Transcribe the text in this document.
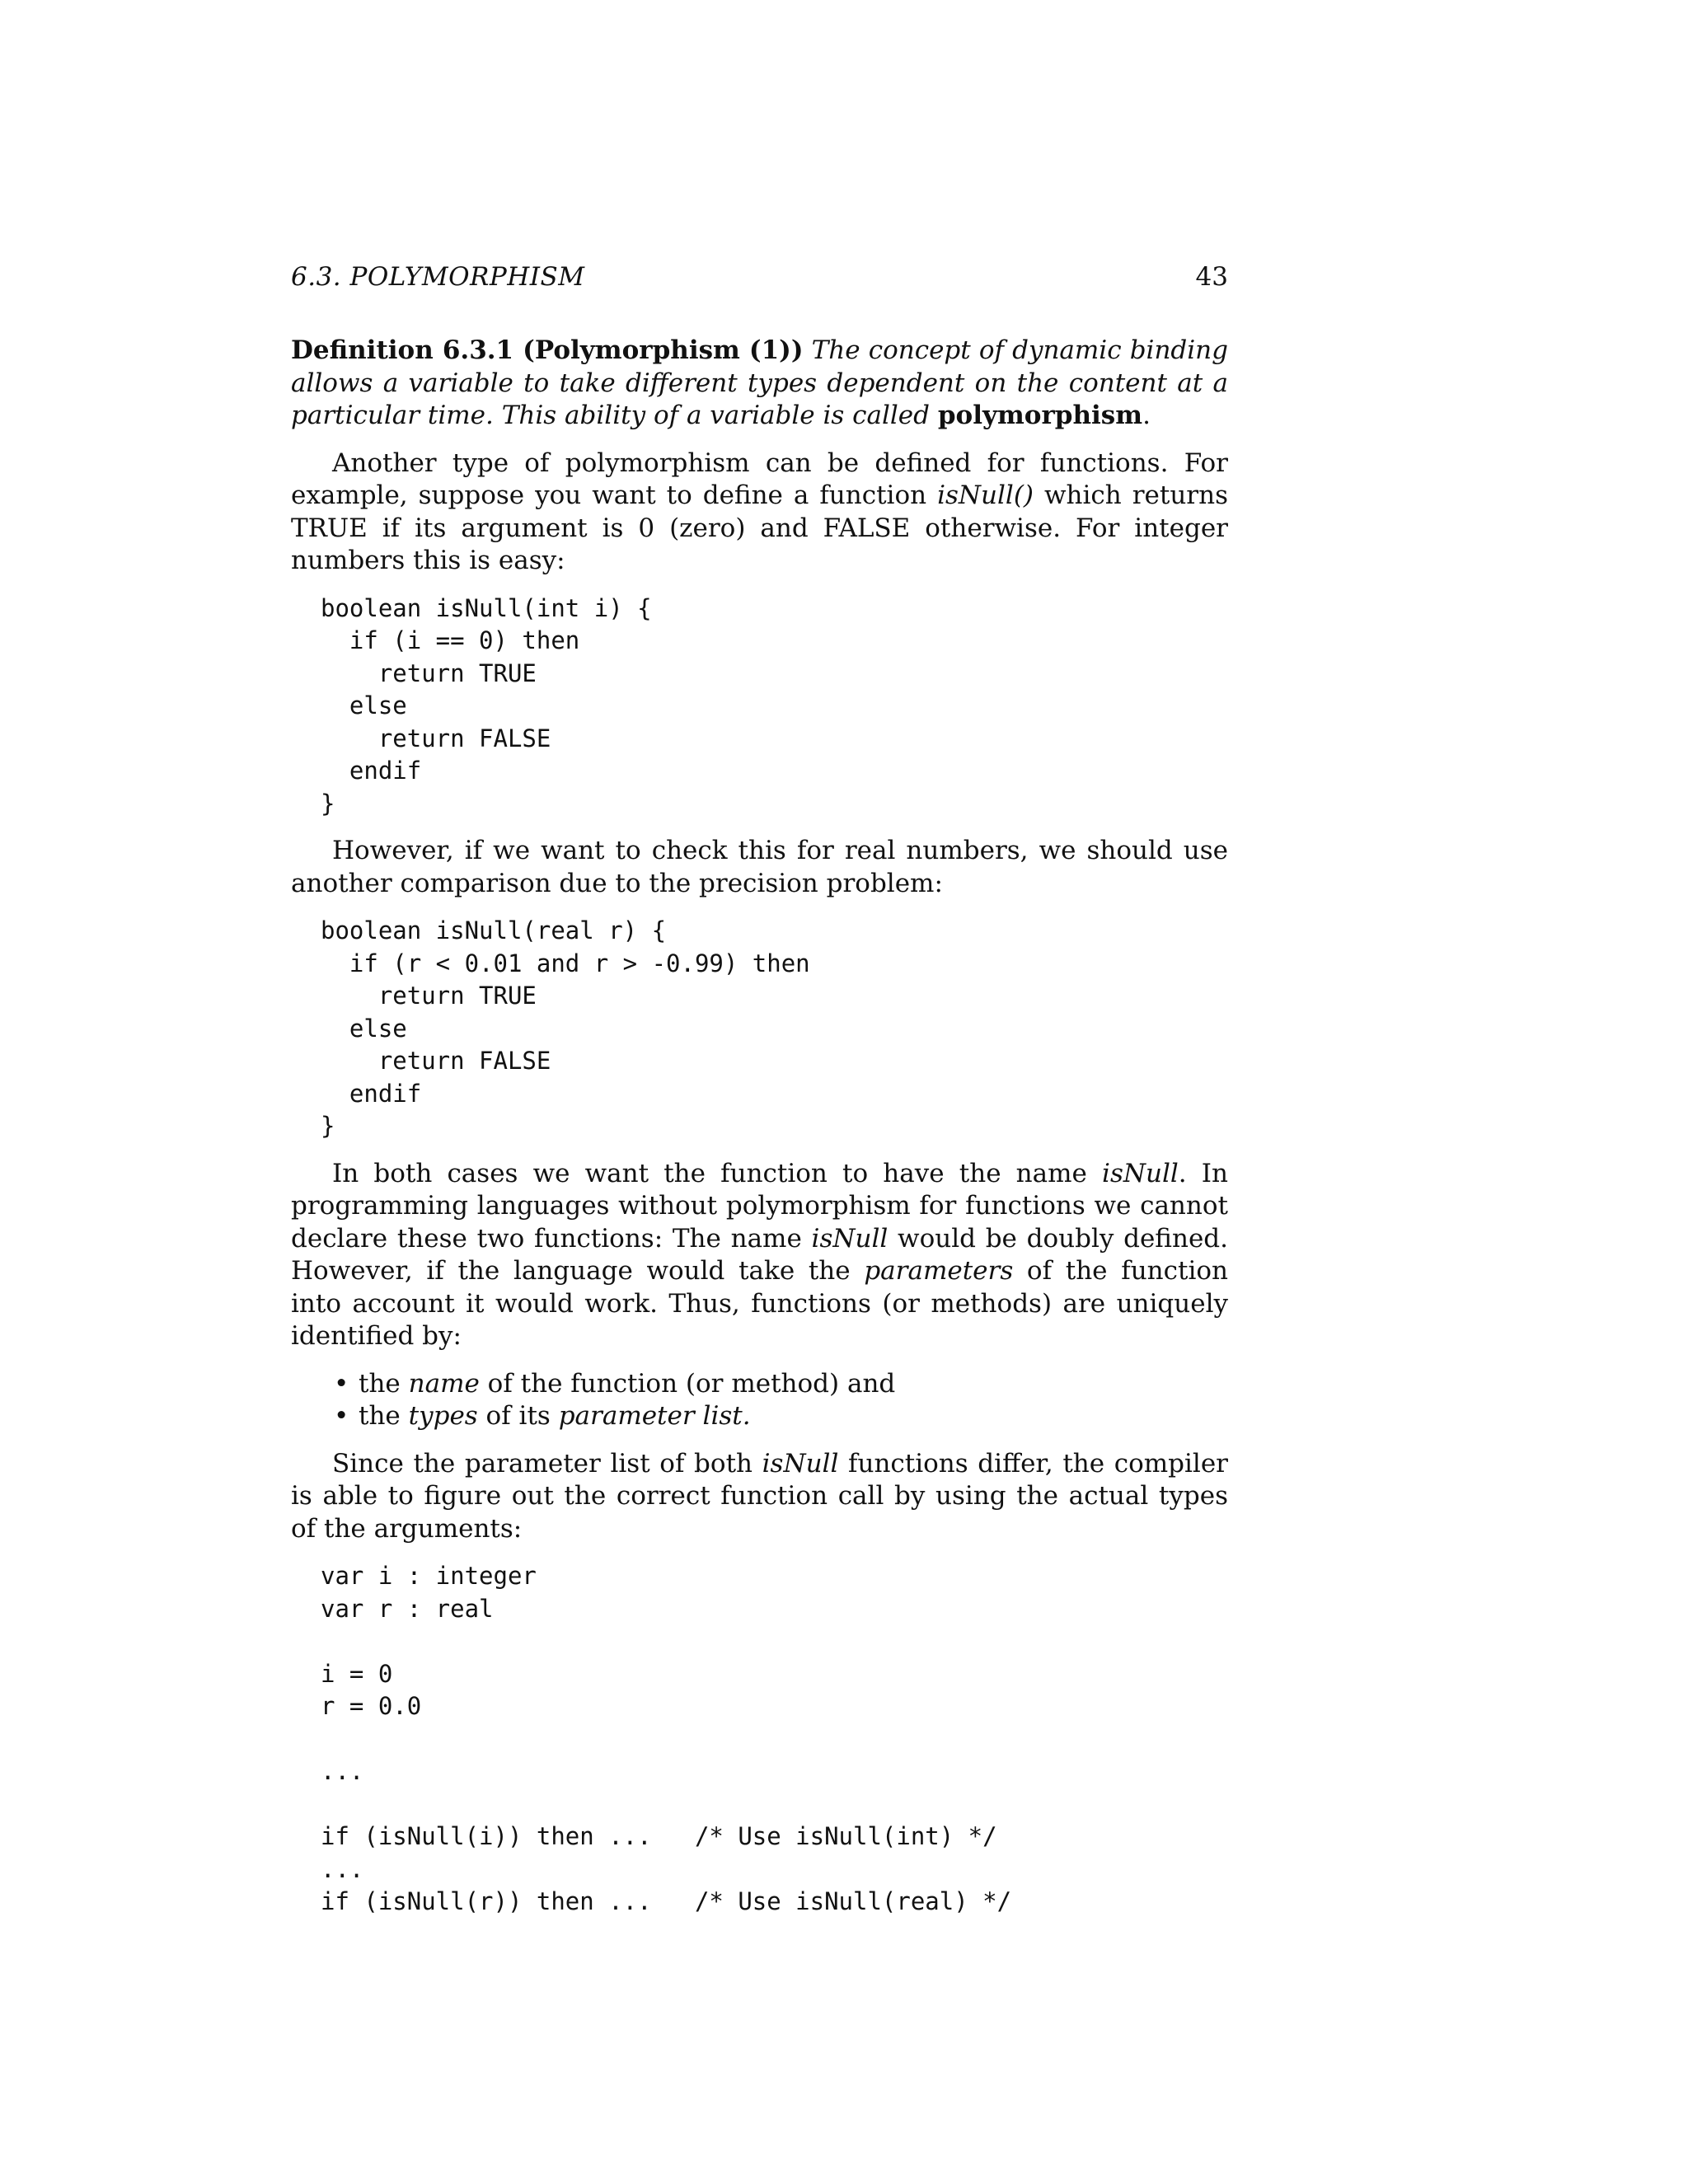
6.3. POLYMORPHISM	43

Definition 6.3.1 (Polymorphism (1)) The concept of dynamic binding allows a variable to take different types dependent on the content at a particular time. This ability of a variable is called polymorphism.

Another type of polymorphism can be defined for functions. For example, suppose you want to define a function isNull() which returns TRUE if its argument is 0 (zero) and FALSE otherwise. For integer numbers this is easy:

boolean isNull(int i) {
if (i == 0) then
return TRUE
else
return FALSE
endif
}

However, if we want to check this for real numbers, we should use another comparison due to the precision problem:

boolean isNull(real r) {
if (r < 0.01 and r > -0.99) then
return TRUE
else
return FALSE
endif
}

In both cases we want the function to have the name isNull. In programming languages without polymorphism for functions we cannot declare these two functions: The name isNull would be doubly defined. However, if the language would take the parameters of the function into account it would work. Thus, functions (or methods) are uniquely identified by:

• the name of the function (or method) and
• the types of its parameter list.

Since the parameter list of both isNull functions differ, the compiler is able to figure out the correct function call by using the actual types of the arguments:

var i : integer
var r : real

i = 0
r = 0.0

...

if (isNull(i)) then ...   /* Use isNull(int) */
...
if (isNull(r)) then ...   /* Use isNull(real) */
